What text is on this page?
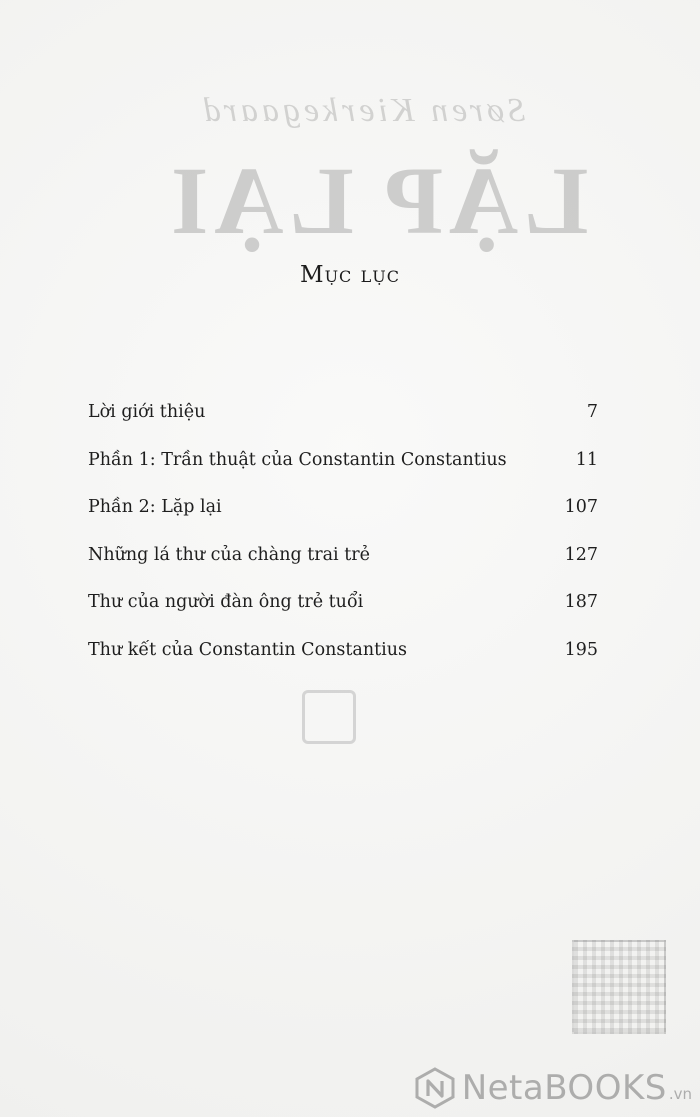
Søren Kierkegaard
LẶP LẠI
Mục lục
Lời giới thiệu	7
Phần 1: Trần thuật của Constantin Constantius	11
Phần 2: Lặp lại	107
Những lá thư của chàng trai trẻ	127
Thư của người đàn ông trẻ tuổi	187
Thư kết của Constantin Constantius	195
NetaBOOKS .vn
